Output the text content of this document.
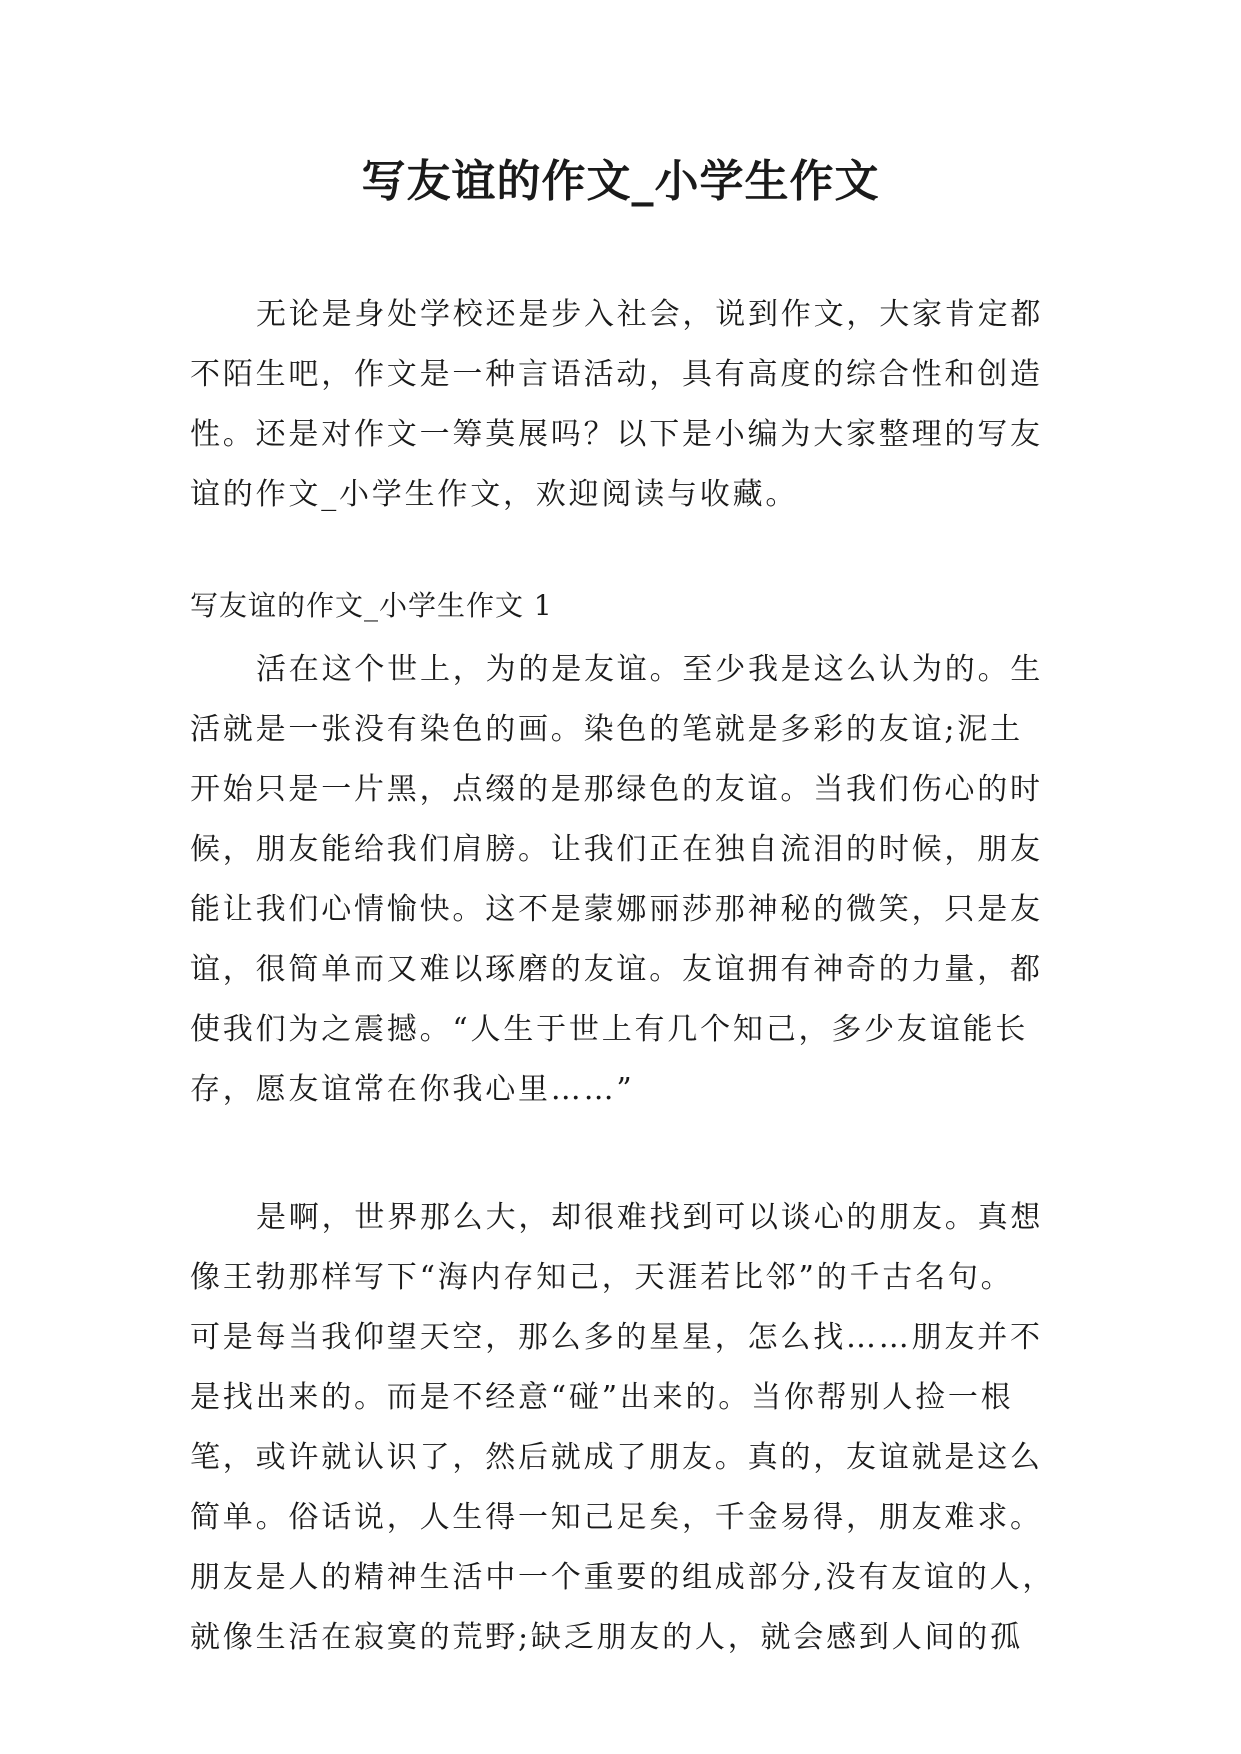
写友谊的作文_小学生作文
无论是身处学校还是步入社会，说到作文，大家肯定都
不陌生吧，作文是一种言语活动，具有高度的综合性和创造
性。还是对作文一筹莫展吗？以下是小编为大家整理的写友
谊的作文_小学生作文，欢迎阅读与收藏。
写友谊的作文_小学生作文 1
活在这个世上，为的是友谊。至少我是这么认为的。生
活就是一张没有染色的画。染色的笔就是多彩的友谊;泥土
开始只是一片黑，点缀的是那绿色的友谊。当我们伤心的时
候，朋友能给我们肩膀。让我们正在独自流泪的时候，朋友
能让我们心情愉快。这不是蒙娜丽莎那神秘的微笑，只是友
谊，很简单而又难以琢磨的友谊。友谊拥有神奇的力量，都
使我们为之震撼。“人生于世上有几个知己，多少友谊能长
存，愿友谊常在你我心里……”
是啊，世界那么大，却很难找到可以谈心的朋友。真想
像王勃那样写下“海内存知己，天涯若比邻”的千古名句。
可是每当我仰望天空，那么多的星星，怎么找……朋友并不
是找出来的。而是不经意“碰”出来的。当你帮别人捡一根
笔，或许就认识了，然后就成了朋友。真的，友谊就是这么
简单。俗话说，人生得一知己足矣，千金易得，朋友难求。
朋友是人的精神生活中一个重要的组成部分,没有友谊的人，
就像生活在寂寞的荒野;缺乏朋友的人，就会感到人间的孤
